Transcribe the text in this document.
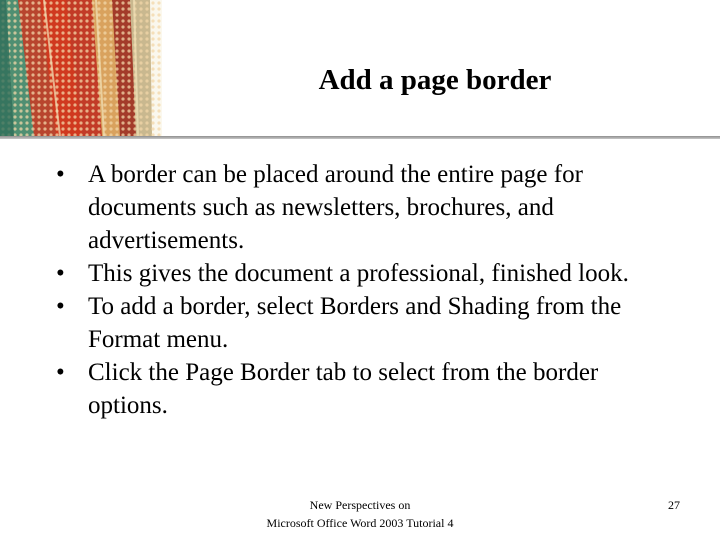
Add a page border
• A border can be placed around the entire page for documents such as newsletters, brochures, and advertisements.
• This gives the document a professional, finished look.
• To add a border, select Borders and Shading from the Format menu.
• Click the Page Border tab to select from the border options.
New Perspectives on
Microsoft Office Word 2003 Tutorial 4
27
